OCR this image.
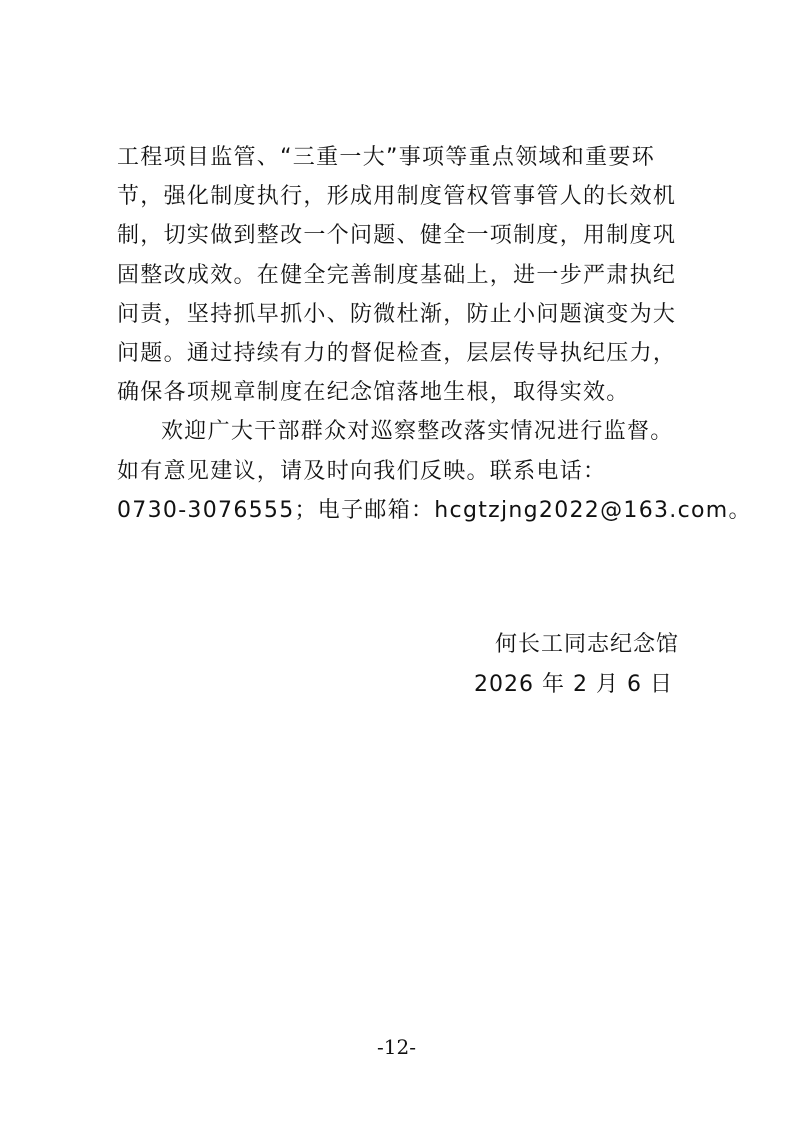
工程项目监管、“三重一大”事项等重点领域和重要环
节，强化制度执行，形成用制度管权管事管人的长效机
制，切实做到整改一个问题、健全一项制度，用制度巩
固整改成效。在健全完善制度基础上，进一步严肃执纪
问责，坚持抓早抓小、防微杜渐，防止小问题演变为大
问题。通过持续有力的督促检查，层层传导执纪压力，
确保各项规章制度在纪念馆落地生根，取得实效。
欢迎广大干部群众对巡察整改落实情况进行监督。
如有意见建议，请及时向我们反映。联系电话：
0730-3076555；电子邮箱：hcgtzjng2022@163.com。
何长工同志纪念馆
2026 年 2 月 6 日
-12-
